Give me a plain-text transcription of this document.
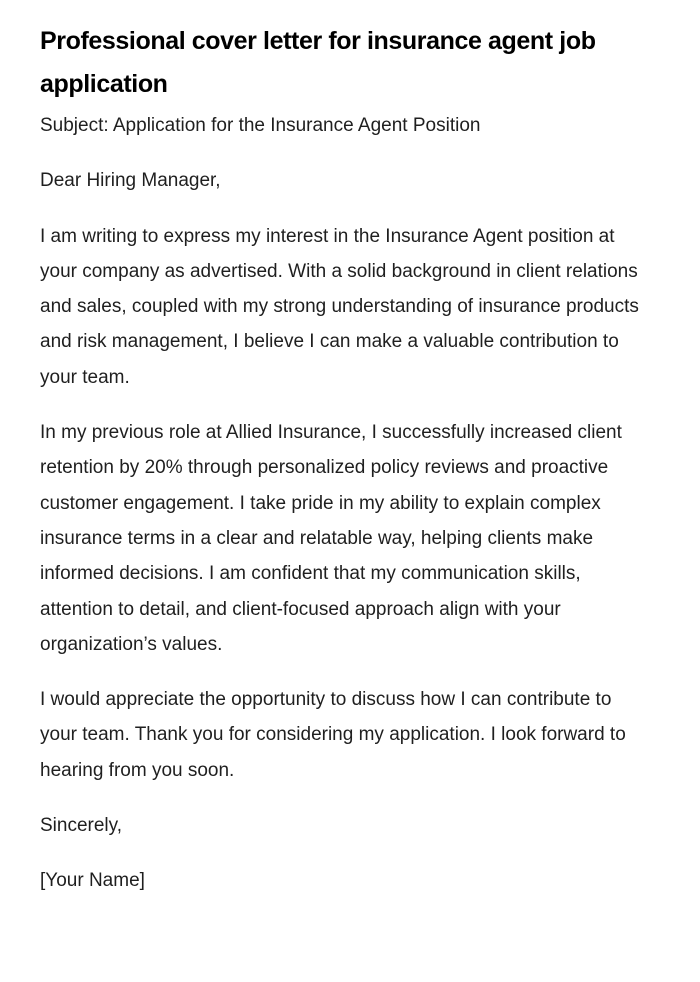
Professional cover letter for insurance agent job application

Subject: Application for the Insurance Agent Position

Dear Hiring Manager,

I am writing to express my interest in the Insurance Agent position at your company as advertised. With a solid background in client relations and sales, coupled with my strong understanding of insurance products and risk management, I believe I can make a valuable contribution to your team.

In my previous role at Allied Insurance, I successfully increased client retention by 20% through personalized policy reviews and proactive customer engagement. I take pride in my ability to explain complex insurance terms in a clear and relatable way, helping clients make informed decisions. I am confident that my communication skills, attention to detail, and client-focused approach align with your organization’s values.

I would appreciate the opportunity to discuss how I can contribute to your team. Thank you for considering my application. I look forward to hearing from you soon.

Sincerely,

[Your Name]
